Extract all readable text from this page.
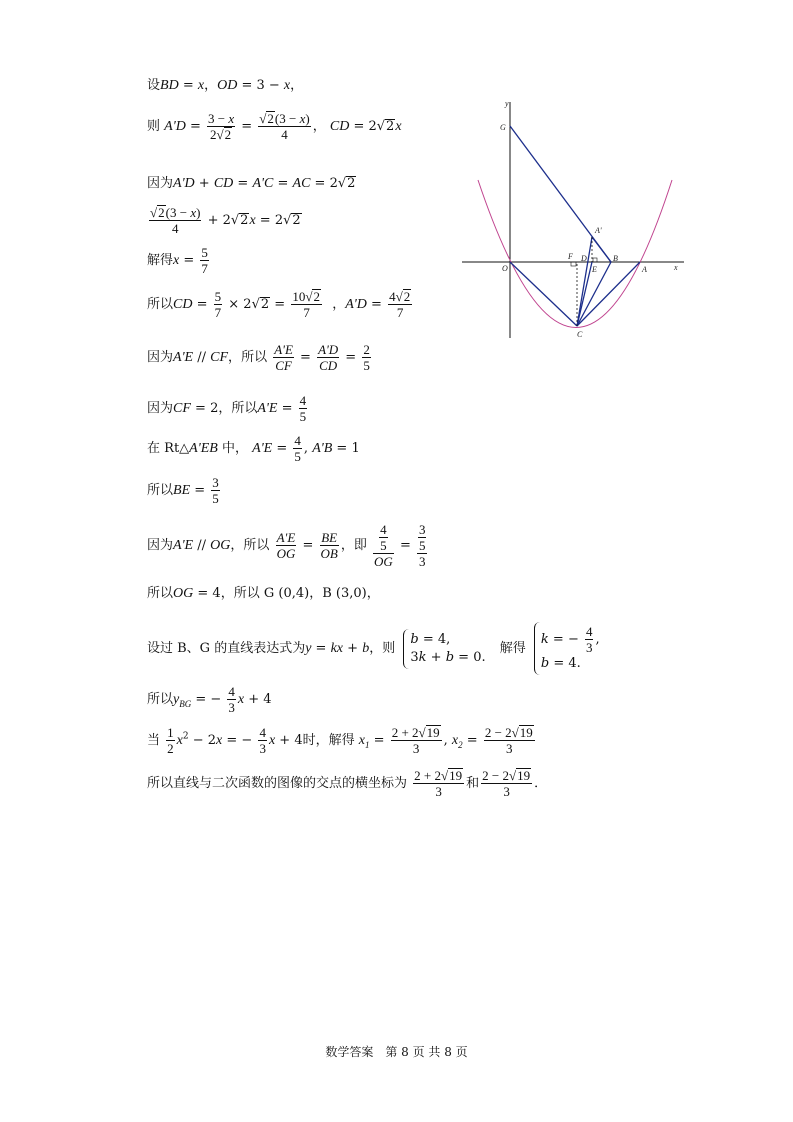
y
x
G
O
F D
E
B
A
A'
C
设BD = x，OD = 3 − x，
则 $A'D = \frac{3 - x}{2√2} = \frac{√2(3 - x)}{4}$ ， CD = 2√2x
因为A'D + CD = A'C = AC = 2√2
$\frac{√2(3 - x)}{4} + 2√2x = 2√2$
解得$x = \frac{5}{7}$
所以CD = $\frac{5}{7} \times 2√2 = \frac{10√2}{7}$ ，$A'D = \frac{4√2}{7}$
因为A'E // CF，所以 $\frac{A'E}{CF} = \frac{A'D}{CD} = \frac{2}{5}$
因为CF = 2，所以$A'E = \frac{4}{5}$
在 Rt△A'EB 中， $A'E = \frac{4}{5}$ , A'B = 1
所以BE = $\frac{3}{5}$
因为A'E // OG，所以 $\frac{A'E}{OG} = \frac{BE}{OB}$ ，即 $\frac{\frac{4}{5}}{OG} = \frac{\frac{3}{5}}{3}$
所以OG = 4，所以 G (0,4)，B (3,0)，
设过 B、G 的直线表达式为y = kx + b，则
b = 4,
3k + b = 0.
解得
k = − $\frac{4}{3}$ ,
b = 4.
所以$y_{BG}$ = − $\frac{4}{3}$ x + 4
当 $\frac{1}{2} x^2 - 2x$ = − $\frac{4}{3}$ x + 4时，解得 $x_1 = \frac{2 + 2√19}{3}$ , $x_2 = \frac{2 - 2√19}{3}$
所以直线与二次函数的图像的交点的横坐标为 $\frac{2 + 2√19}{3}$ 和 $\frac{2 - 2√19}{3}$ ．
数学答案　第 8 页 共 8 页
